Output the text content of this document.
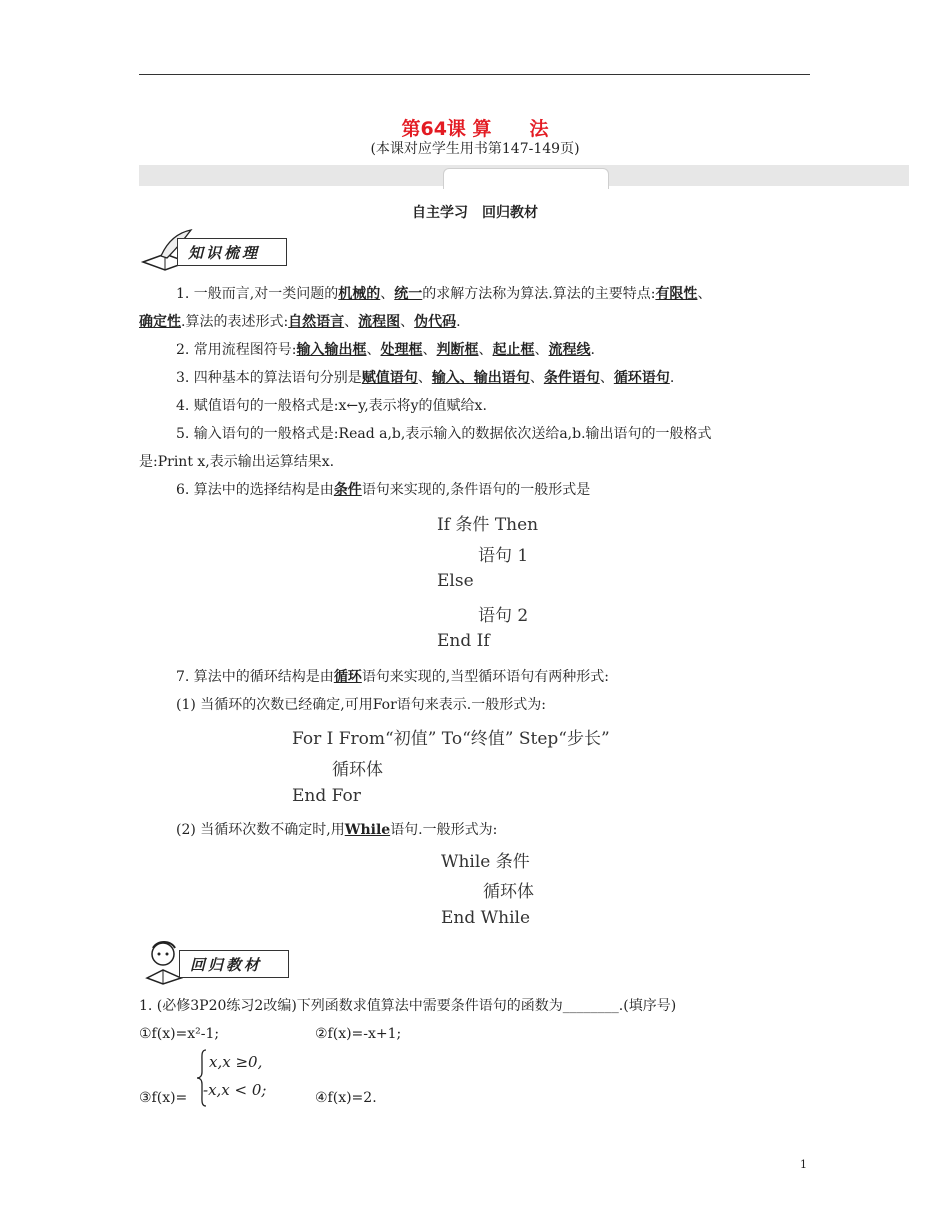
第64课 算　　法
(本课对应学生用书第147-149页)
自主学习　回归教材
知识梳理
1. 一般而言,对一类问题的机械的、统一的求解方法称为算法.算法的主要特点:有限性、
确定性.算法的表述形式:自然语言、流程图、伪代码.
2. 常用流程图符号:输入输出框、处理框、判断框、起止框、流程线.
3. 四种基本的算法语句分别是赋值语句、输入、输出语句、条件语句、循环语句.
4. 赋值语句的一般格式是:x←y,表示将y的值赋给x.
5. 输入语句的一般格式是:Read a,b,表示输入的数据依次送给a,b.输出语句的一般格式
是:Print x,表示输出运算结果x.
6. 算法中的选择结构是由条件语句来实现的,条件语句的一般形式是
If 条件 Then
语句 1
Else
语句 2
End If
7. 算法中的循环结构是由循环语句来实现的,当型循环语句有两种形式:
(1) 当循环的次数已经确定,可用For语句来表示.一般形式为:
For I From“初值” To“终值” Step“步长”
循环体
End For
(2) 当循环次数不确定时,用While语句.一般形式为:
While 条件
循环体
End While
回归教材
1. (必修3P20练习2改编)下列函数求值算法中需要条件语句的函数为________.(填序号)
①f(x)=x²-1;	②f(x)=-x+1;
③f(x)=
x,x ≥0,
-x,x < 0;	④f(x)=2.
1
